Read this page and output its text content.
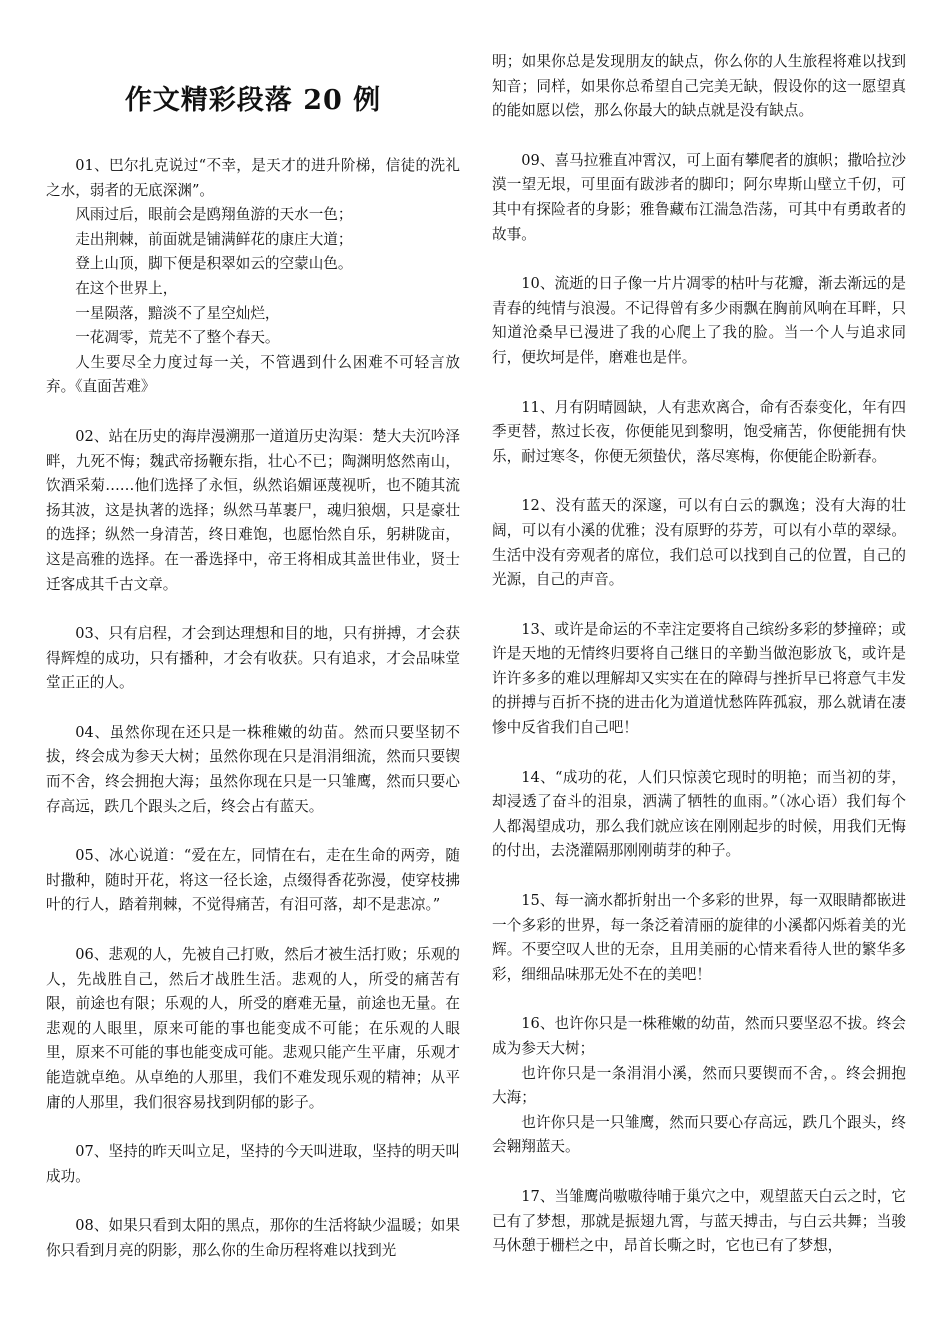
作文精彩段落 20 例

01、巴尔扎克说过“不幸，是天才的进升阶梯，信徒的洗礼之水，弱者的无底深渊”。

风雨过后，眼前会是鸥翔鱼游的天水一色；

走出荆棘，前面就是铺满鲜花的康庄大道；

登上山顶，脚下便是积翠如云的空蒙山色。

在这个世界上，

一星陨落，黯淡不了星空灿烂，

一花凋零，荒芜不了整个春天。

人生要尽全力度过每一关，不管遇到什么困难不可轻言放弃。《直面苦难》

02、站在历史的海岸漫溯那一道道历史沟渠：楚大夫沉吟泽畔，九死不悔；魏武帝扬鞭东指，壮心不已；陶渊明悠然南山，饮酒采菊……他们选择了永恒，纵然谄媚诬蔑视听，也不随其流扬其波，这是执著的选择；纵然马革裹尸，魂归狼烟，只是豪壮的选择；纵然一身清苦，终日难饱，也愿怡然自乐，躬耕陇亩，这是高雅的选择。在一番选择中，帝王将相成其盖世伟业，贤士迁客成其千古文章。

03、只有启程，才会到达理想和目的地，只有拼搏，才会获得辉煌的成功，只有播种，才会有收获。只有追求，才会品味堂堂正正的人。

04、虽然你现在还只是一株稚嫩的幼苗。然而只要坚韧不拔，终会成为参天大树；虽然你现在只是涓涓细流，然而只要锲而不舍，终会拥抱大海；虽然你现在只是一只雏鹰，然而只要心存高远，跌几个跟头之后，终会占有蓝天。

05、冰心说道：“爱在左，同情在右，走在生命的两旁，随时撒种，随时开花，将这一径长途，点缀得香花弥漫，使穿枝拂叶的行人，踏着荆棘，不觉得痛苦，有泪可落，却不是悲凉。”

06、悲观的人，先被自己打败，然后才被生活打败；乐观的人，先战胜自己，然后才战胜生活。悲观的人，所受的痛苦有限，前途也有限；乐观的人，所受的磨难无量，前途也无量。在悲观的人眼里，原来可能的事也能变成不可能；在乐观的人眼里，原来不可能的事也能变成可能。悲观只能产生平庸，乐观才能造就卓绝。从卓绝的人那里，我们不难发现乐观的精神；从平庸的人那里，我们很容易找到阴郁的影子。

07、坚持的昨天叫立足，坚持的今天叫进取，坚持的明天叫成功。

08、如果只看到太阳的黑点，那你的生活将缺少温暖；如果你只看到月亮的阴影，那么你的生命历程将难以找到光

明；如果你总是发现朋友的缺点，你么你的人生旅程将难以找到知音；同样，如果你总希望自己完美无缺，假设你的这一愿望真的能如愿以偿，那么你最大的缺点就是没有缺点。

09、喜马拉雅直冲霄汉，可上面有攀爬者的旗帜；撒哈拉沙漠一望无垠，可里面有跋涉者的脚印；阿尔卑斯山壁立千仞，可其中有探险者的身影；雅鲁藏布江湍急浩荡，可其中有勇敢者的故事。

10、流逝的日子像一片片凋零的枯叶与花瓣，渐去渐远的是青春的纯情与浪漫。不记得曾有多少雨飘在胸前风响在耳畔，只知道沧桑早已漫进了我的心爬上了我的脸。当一个人与追求同行，便坎坷是伴，磨难也是伴。

11、月有阴晴圆缺，人有悲欢离合，命有否泰变化，年有四季更替，熬过长夜，你便能见到黎明，饱受痛苦，你便能拥有快乐，耐过寒冬，你便无须蛰伏，落尽寒梅，你便能企盼新春。

12、没有蓝天的深邃，可以有白云的飘逸；没有大海的壮阔，可以有小溪的优雅；没有原野的芬芳，可以有小草的翠绿。生活中没有旁观者的席位，我们总可以找到自己的位置，自己的光源，自己的声音。

13、或许是命运的不幸注定要将自己缤纷多彩的梦撞碎；或许是天地的无情终归要将自己继日的辛勤当做泡影放飞，或许是许许多多的难以理解却又实实在在的障碍与挫折早已将意气丰发的拼搏与百折不挠的进击化为道道忧愁阵阵孤寂，那么就请在凄惨中反省我们自己吧！

14、“成功的花，人们只惊羡它现时的明艳；而当初的芽，却浸透了奋斗的泪泉，洒满了牺牲的血雨。”（冰心语）我们每个人都渴望成功，那么我们就应该在刚刚起步的时候，用我们无悔的付出，去浇灌隔那刚刚萌芽的种子。

15、每一滴水都折射出一个多彩的世界，每一双眼睛都嵌进一个多彩的世界，每一条泛着清丽的旋律的小溪都闪烁着美的光辉。不要空叹人世的无奈，且用美丽的心情来看待人世的繁华多彩，细细品味那无处不在的美吧！

16、也许你只是一株稚嫩的幼苗，然而只要坚忍不拔。终会成为参天大树；

也许你只是一条涓涓小溪，然而只要锲而不舍，。终会拥抱大海；

也许你只是一只雏鹰，然而只要心存高远，跌几个跟头，终会翱翔蓝天。

17、当雏鹰尚嗷嗷待哺于巢穴之中，观望蓝天白云之时，它已有了梦想，那就是振翅九霄，与蓝天搏击，与白云共舞；当骏马休憩于栅栏之中，昂首长嘶之时，它也已有了梦想，
